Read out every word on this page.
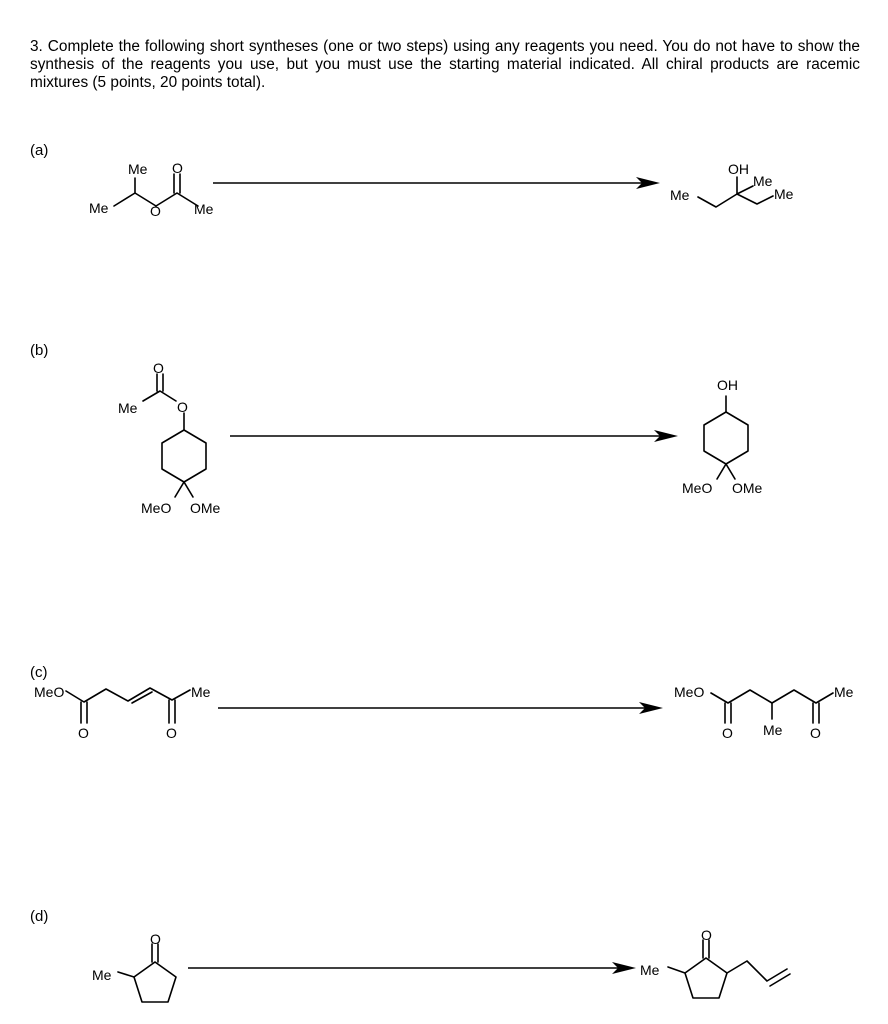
3. Complete the following short syntheses (one or two steps) using any reagents you need. You do not have to show the synthesis of the reagents you use, but you must use the starting material indicated. All chiral products are racemic mixtures (5 points, 20 points total).

(a)
(b)
(c)
(d)
Me O
Me	O Me
OH
Me
Me
Me
O
Me	O
MeO OMe
OH
MeO OMe
MeO	Me
O	O
MeO	Me
O Me O
O
Me
O
Me
